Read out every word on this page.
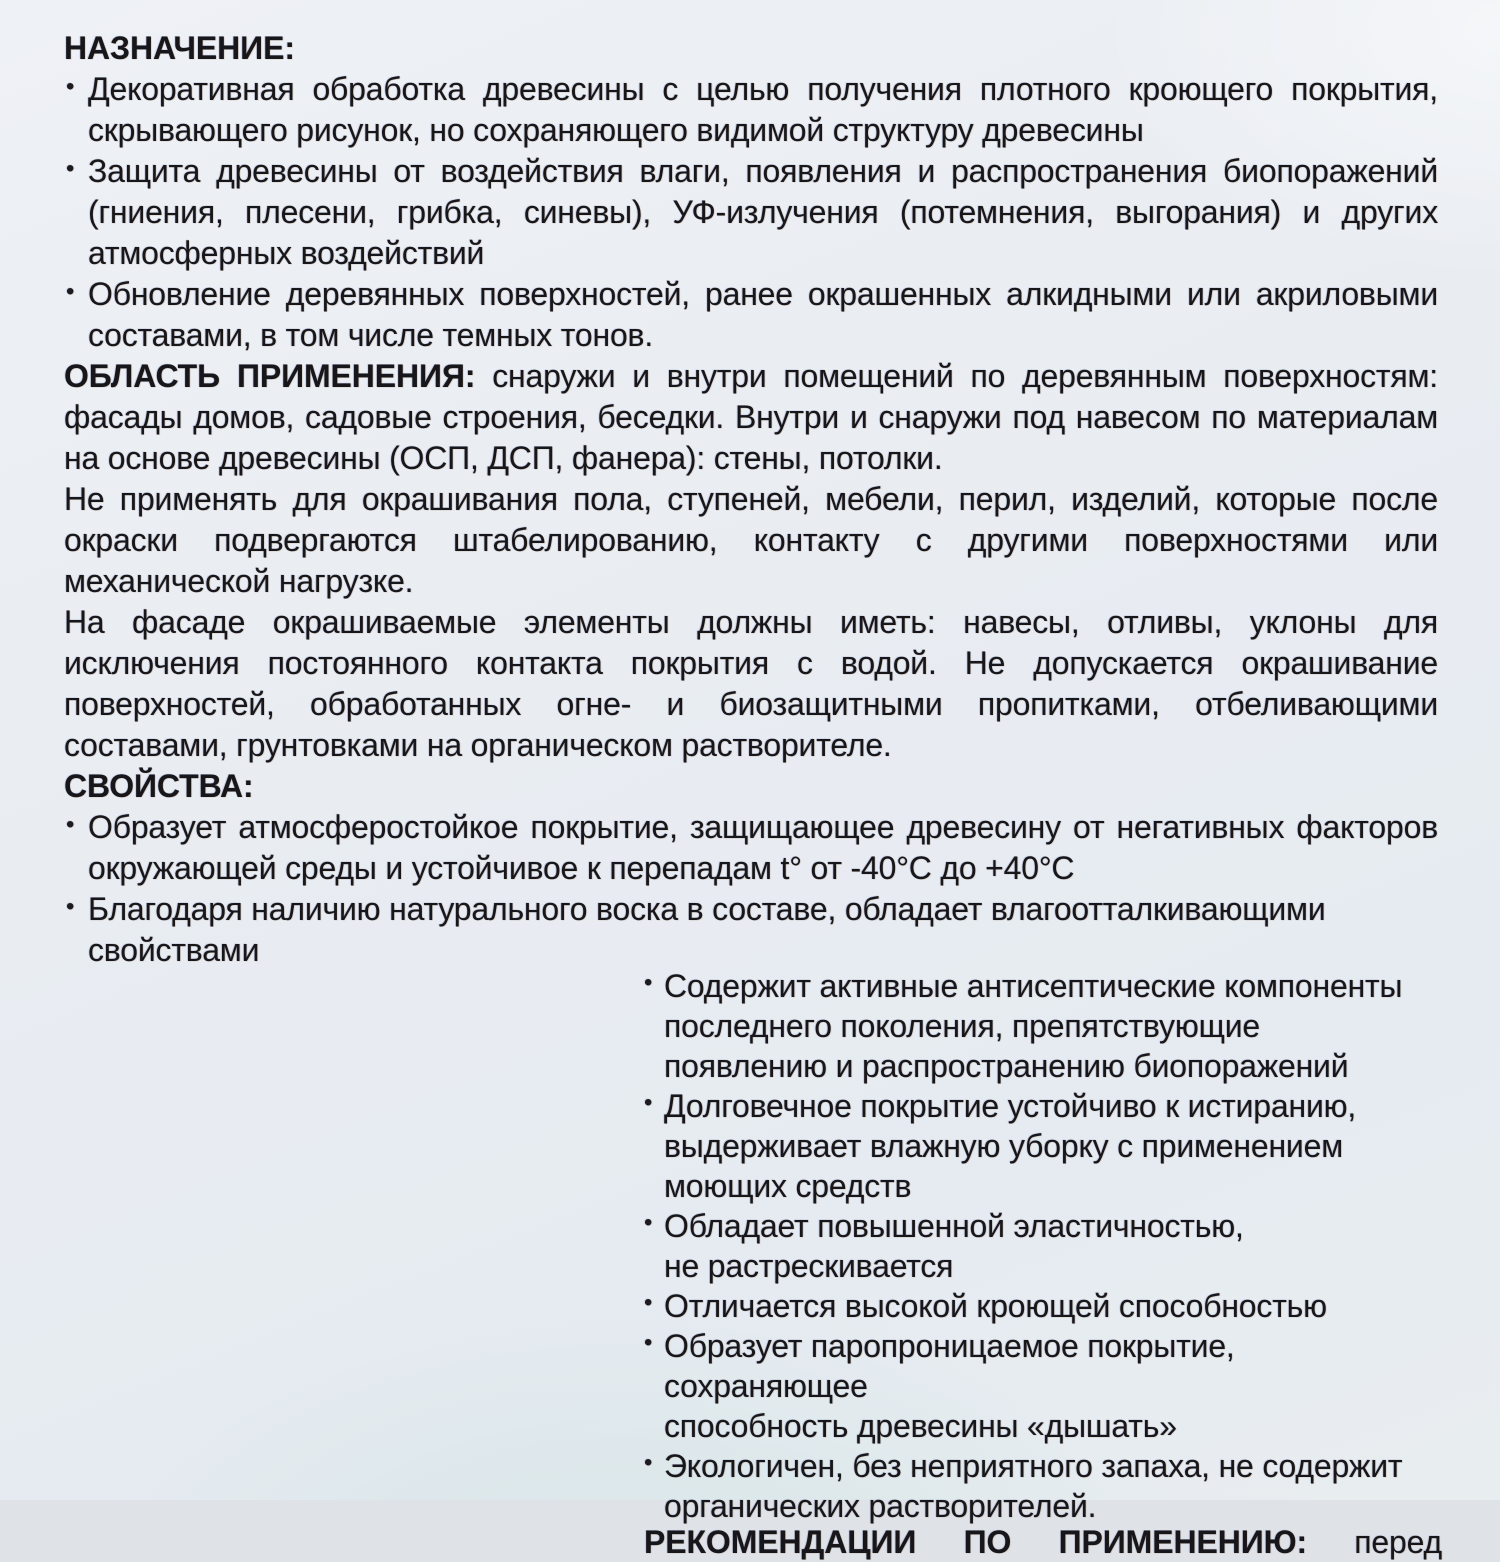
НАЗНАЧЕНИЕ:
• Декоративная обработка древесины с целью получения плотного кроющего покрытия,
скрывающего рисунок, но сохраняющего видимой структуру древесины
• Защита древесины от воздействия влаги, появления и распространения биопоражений
(гниения, плесени, грибка, синевы), УФ-излучения (потемнения, выгорания) и других
атмосферных воздействий
• Обновление деревянных поверхностей, ранее окрашенных алкидными или акриловыми
составами, в том числе темных тонов.
ОБЛАСТЬ ПРИМЕНЕНИЯ: снаружи и внутри помещений по деревянным поверхностям:
фасады домов, садовые строения, беседки. Внутри и снаружи под навесом по материалам
на основе древесины (ОСП, ДСП, фанера): стены, потолки.
Не применять для окрашивания пола, ступеней, мебели, перил, изделий, которые после
окраски подвергаются штабелированию, контакту с другими поверхностями или
механической нагрузке.
На фасаде окрашиваемые элементы должны иметь: навесы, отливы, уклоны для
исключения постоянного контакта покрытия с водой. Не допускается окрашивание
поверхностей, обработанных огне- и биозащитными пропитками, отбеливающими
составами, грунтовками на органическом растворителе.
СВОЙСТВА:
• Образует атмосферостойкое покрытие, защищающее древесину от негативных факторов
окружающей среды и устойчивое к перепадам t° от -40°С до +40°С
• Благодаря наличию натурального воска в составе, обладает влагоотталкивающими
свойствами
• Содержит активные антисептические компоненты
последнего поколения, препятствующие
появлению и распространению биопоражений
• Долговечное покрытие устойчиво к истиранию,
выдерживает влажную уборку с применением
моющих средств
• Обладает повышенной эластичностью,
не растрескивается
• Отличается высокой кроющей способностью
• Образует паропроницаемое покрытие, сохраняющее
способность древесины «дышать»
• Экологичен, без неприятного запаха, не содержит
органических растворителей.
РЕКОМЕНДАЦИИ ПО ПРИМЕНЕНИЮ: перед
